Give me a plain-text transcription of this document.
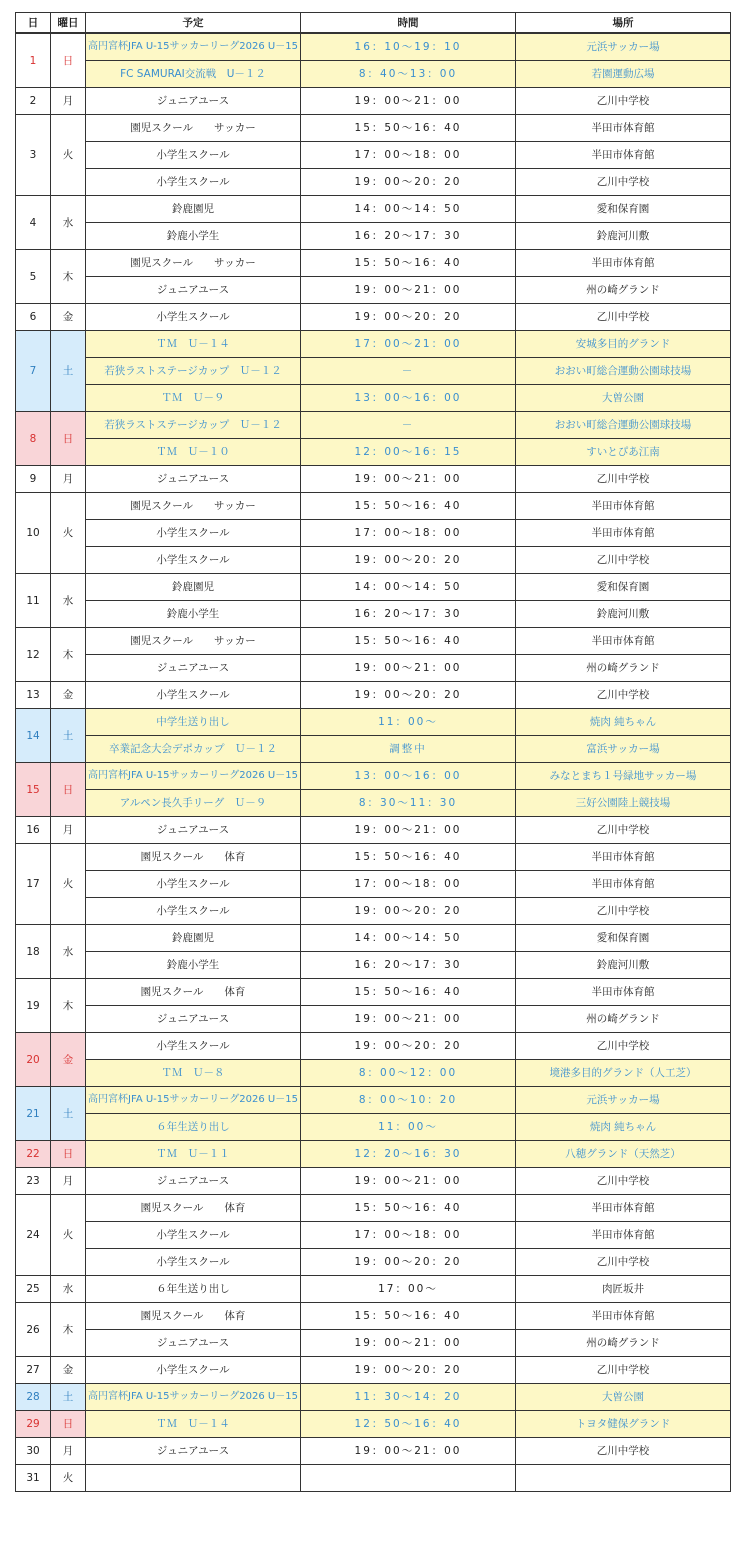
日	曜日	予定	時間	場所
1	日	高円宮杯JFA U-15サッカーリーグ2026 U－15	16：10～19：10	元浜サッカー場
		FC SAMURAI交流戦　U－１２	8：40～13：00	若園運動広場
2	月	ジュニアユース	19：00～21：00	乙川中学校
3	火	園児スクール　　サッカー	15：50～16：40	半田市体育館
		小学生スクール	17：00～18：00	半田市体育館
		小学生スクール	19：00～20：20	乙川中学校
4	水	鈴鹿園児	14：00～14：50	愛和保育園
		鈴鹿小学生	16：20～17：30	鈴鹿河川敷
5	木	園児スクール　　サッカー	15：50～16：40	半田市体育館
		ジュニアユース	19：00～21：00	州の崎グランド
6	金	小学生スクール	19：00～20：20	乙川中学校
7	土	ＴＭ　Ｕ－１４	17：00～21：00	安城多目的グランド
		若狭ラストステージカップ　Ｕ－１２	－	おおい町総合運動公園球技場
		ＴＭ　Ｕ－９	13：00～16：00	大曽公園
8	日	若狭ラストステージカップ　Ｕ－１２	－	おおい町総合運動公園球技場
		ＴＭ　Ｕ－１０	12：00～16：15	すいとぴあ江南
9	月	ジュニアユース	19：00～21：00	乙川中学校
10	火	園児スクール　　サッカー	15：50～16：40	半田市体育館
		小学生スクール	17：00～18：00	半田市体育館
		小学生スクール	19：00～20：20	乙川中学校
11	水	鈴鹿園児	14：00～14：50	愛和保育園
		鈴鹿小学生	16：20～17：30	鈴鹿河川敷
12	木	園児スクール　　サッカー	15：50～16：40	半田市体育館
		ジュニアユース	19：00～21：00	州の崎グランド
13	金	小学生スクール	19：00～20：20	乙川中学校
14	土	中学生送り出し	11：00～	焼肉 純ちゃん
		卒業記念大会デポカップ　Ｕ－１２	調整中	富浜サッカー場
15	日	高円宮杯JFA U-15サッカーリーグ2026 U－15	13：00～16：00	みなとまち１号緑地サッカー場
		アルペン長久手リーグ　Ｕ－９	8：30～11：30	三好公園陸上競技場
16	月	ジュニアユース	19：00～21：00	乙川中学校
17	火	園児スクール　　体育	15：50～16：40	半田市体育館
		小学生スクール	17：00～18：00	半田市体育館
		小学生スクール	19：00～20：20	乙川中学校
18	水	鈴鹿園児	14：00～14：50	愛和保育園
		鈴鹿小学生	16：20～17：30	鈴鹿河川敷
19	木	園児スクール　　体育	15：50～16：40	半田市体育館
		ジュニアユース	19：00～21：00	州の崎グランド
20	金	小学生スクール	19：00～20：20	乙川中学校
		ＴＭ　Ｕ－８	8：00～12：00	境港多目的グランド（人工芝）
21	土	高円宮杯JFA U-15サッカーリーグ2026 U－15	8：00～10：20	元浜サッカー場
		６年生送り出し	11：00～	焼肉 純ちゃん
22	日	ＴＭ　Ｕ－１１	12：20～16：30	八穂グランド（天然芝）
23	月	ジュニアユース	19：00～21：00	乙川中学校
24	火	園児スクール　　体育	15：50～16：40	半田市体育館
		小学生スクール	17：00～18：00	半田市体育館
		小学生スクール	19：00～20：20	乙川中学校
25	水	６年生送り出し	17：00～	肉匠坂井
26	木	園児スクール　　体育	15：50～16：40	半田市体育館
		ジュニアユース	19：00～21：00	州の崎グランド
27	金	小学生スクール	19：00～20：20	乙川中学校
28	土	高円宮杯JFA U-15サッカーリーグ2026 U－15	11：30～14：20	大曽公園
29	日	ＴＭ　Ｕ－１４	12：50～16：40	トヨタ健保グランド
30	月	ジュニアユース	19：00～21：00	乙川中学校
31	火			
